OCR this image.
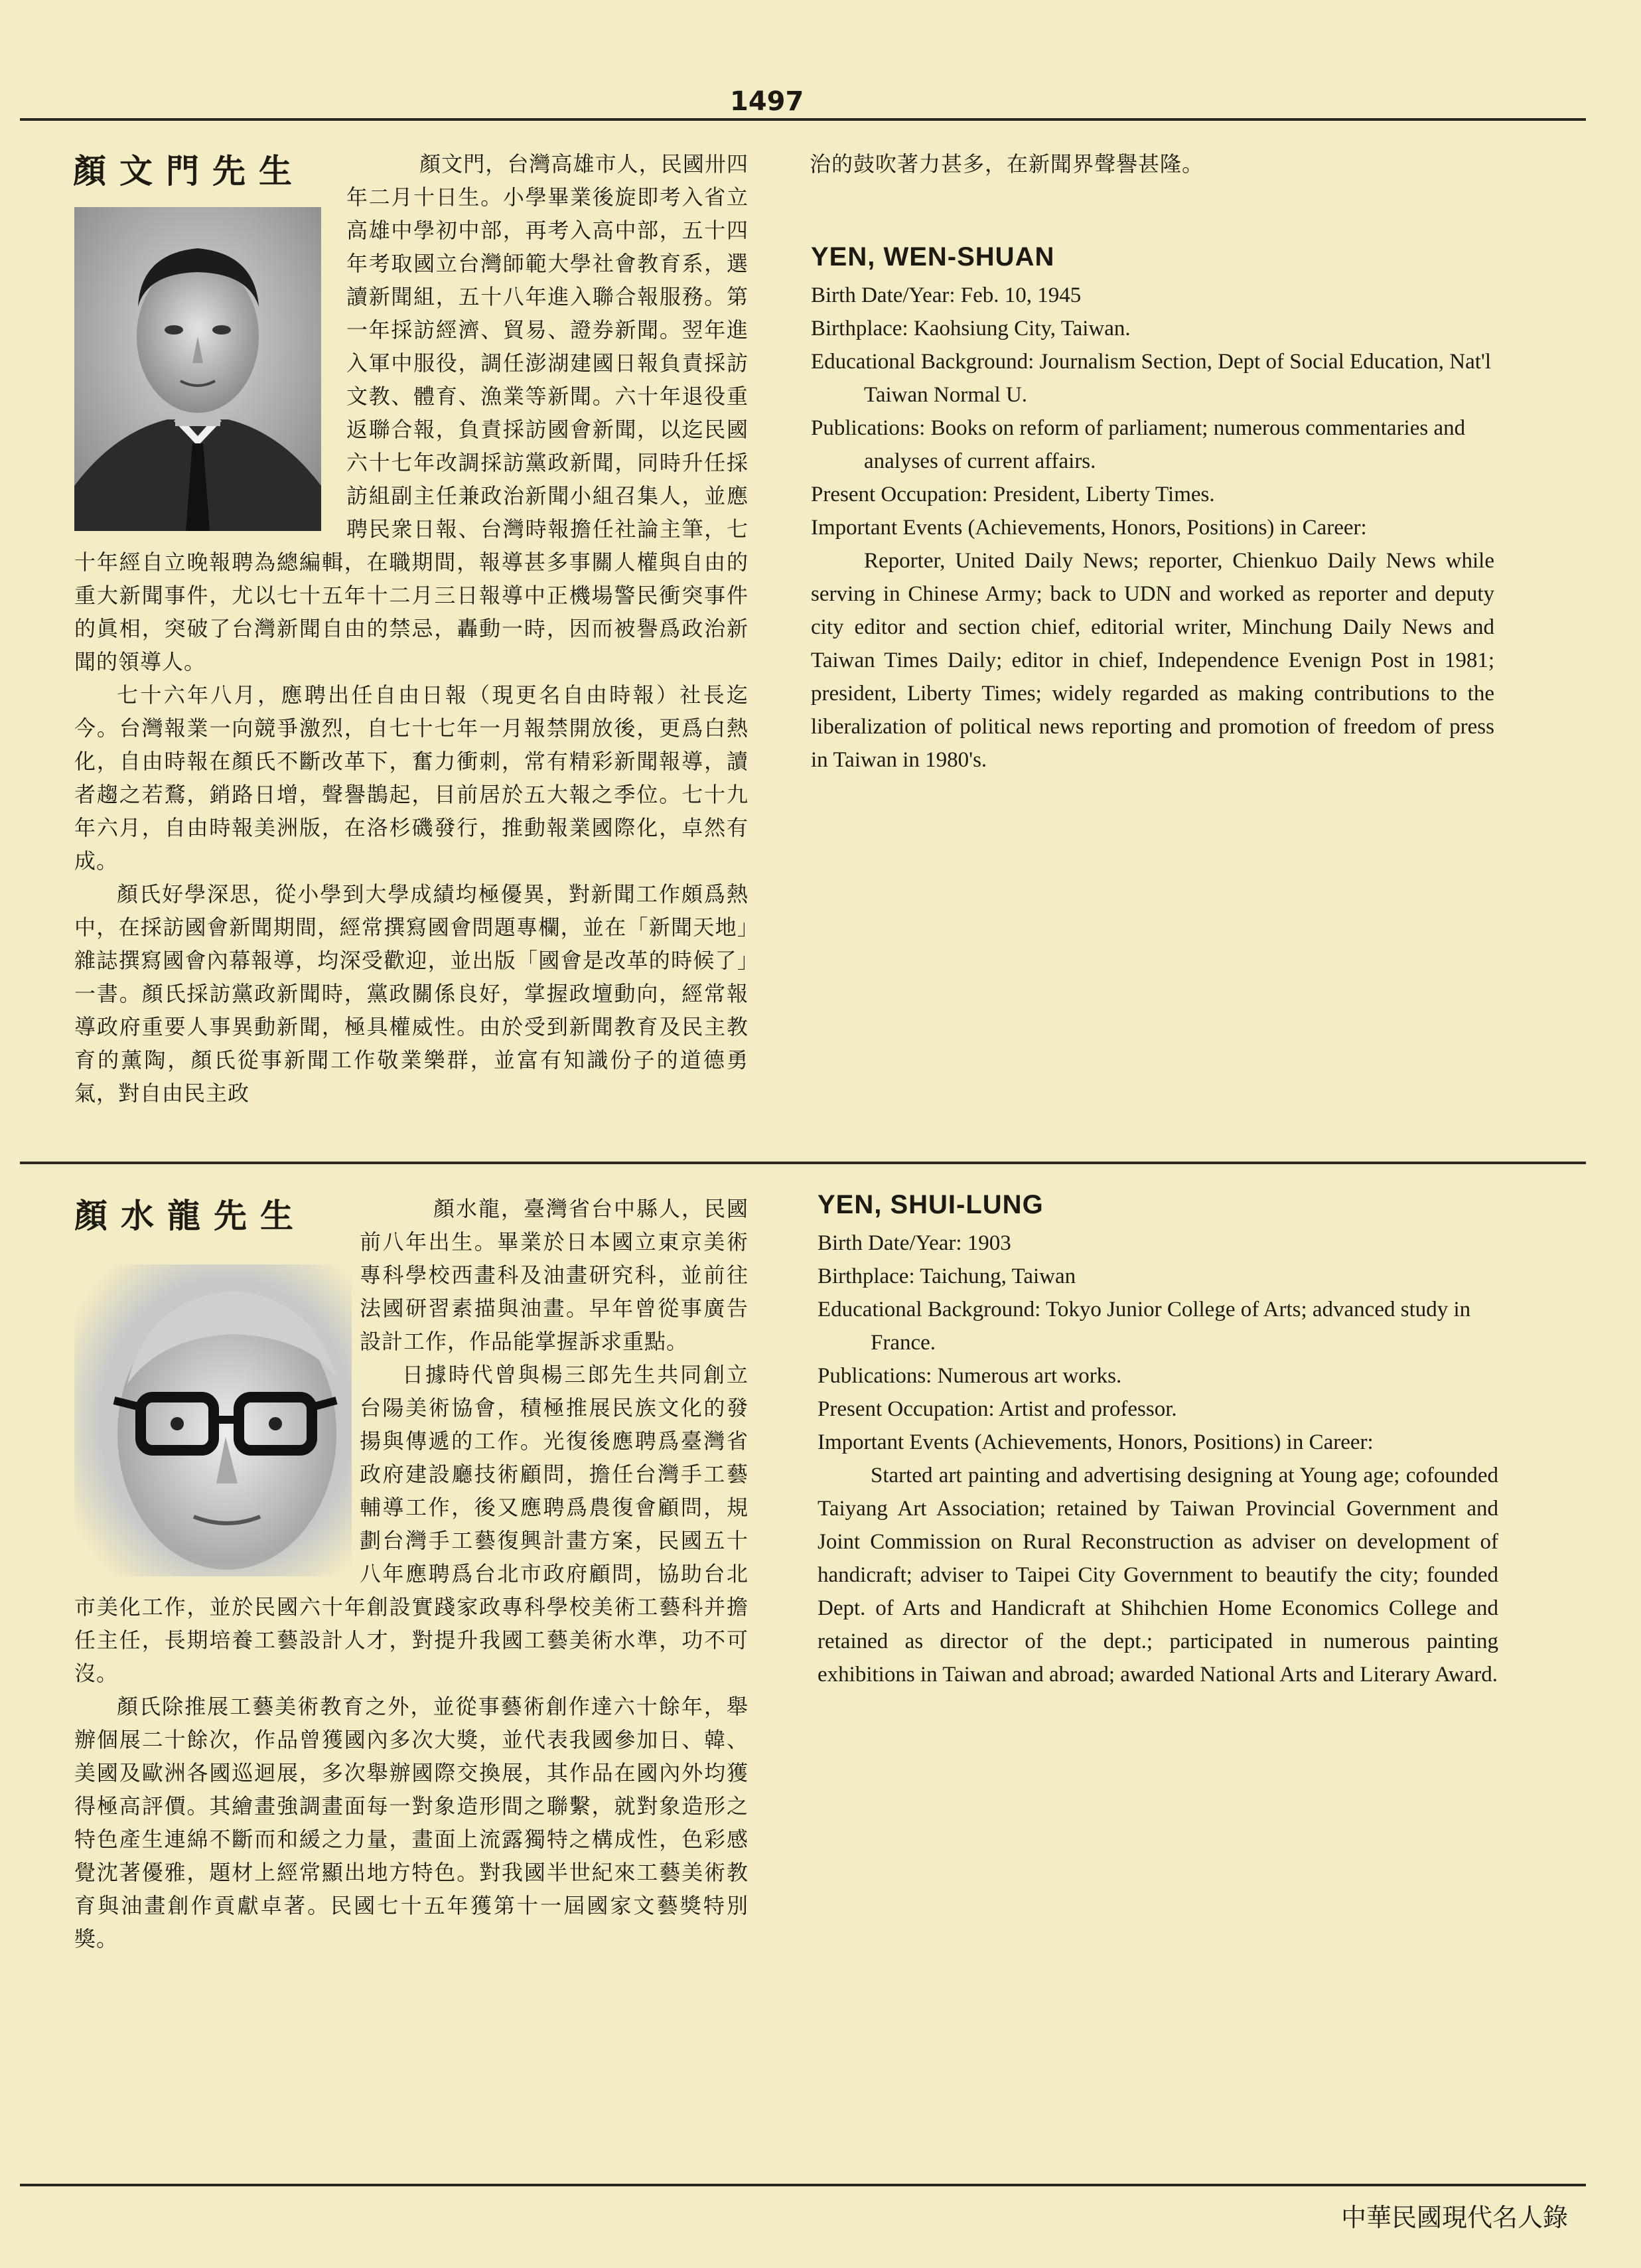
1497
顏文門先生	顏文門，台灣高雄市人，民國卅四年二月十日生。小學畢業後旋即考入省立高雄中學初中部，再考入高中部，五十四年考取國立台灣師範大學社會教育系，選讀新聞組，五十八年進入聯合報服務。第一年採訪經濟、貿易、證券新聞。翌年進入軍中服役，調任澎湖建國日報負責採訪文教、體育、漁業等新聞。六十年退役重返聯合報，負責採訪國會新聞，以迄民國六十七年改調採訪黨政新聞，同時升任採訪組副主任兼政治新聞小組召集人，並應聘民衆日報、台灣時報擔任社論主筆，七十年經自立晚報聘為總編輯，在職期間，報導甚多事關人權與自由的重大新聞事件，尤以七十五年十二月三日報導中正機場警民衝突事件的眞相，突破了台灣新聞自由的禁忌，轟動一時，因而被譽爲政治新聞的領導人。

七十六年八月，應聘出任自由日報（現更名自由時報）社長迄今。台灣報業一向競爭激烈，自七十七年一月報禁開放後，更爲白熱化，自由時報在顏氏不斷改革下，奮力衝刺，常有精彩新聞報導，讀者趨之若鶩，銷路日增，聲譽鵲起，目前居於五大報之季位。七十九年六月，自由時報美洲版，在洛杉磯發行，推動報業國際化，卓然有成。

顏氏好學深思，從小學到大學成績均極優異，對新聞工作頗爲熱中，在採訪國會新聞期間，經常撰寫國會問題專欄，並在「新聞天地」雜誌撰寫國會內幕報導，均深受歡迎，並出版「國會是改革的時候了」一書。顏氏採訪黨政新聞時，黨政關係良好，掌握政壇動向，經常報導政府重要人事異動新聞，極具權威性。由於受到新聞教育及民主教育的薰陶，顏氏從事新聞工作敬業樂群，並富有知識份子的道德勇氣，對自由民主政

治的鼓吹著力甚多，在新聞界聲譽甚隆。
YEN, WEN-SHUAN
Birth Date/Year: Feb. 10, 1945
Birthplace: Kaohsiung City, Taiwan.
Educational Background: Journalism Section, Dept of Social Education, Nat'l Taiwan Normal U.
Publications: Books on reform of parliament; numerous commentaries and analyses of current affairs.
Present Occupation: President, Liberty Times.
Important Events (Achievements, Honors, Positions) in Career:
Reporter, United Daily News; reporter, Chienkuo Daily News while serving in Chinese Army; back to UDN and worked as reporter and deputy city editor and section chief, editorial writer, Minchung Daily News and Taiwan Times Daily; editor in chief, Independence Evenign Post in 1981; president, Liberty Times; widely regarded as making contributions to the liberalization of political news reporting and promotion of freedom of press in Taiwan in 1980's.
顏水龍先生	顏水龍，臺灣省台中縣人，民國前八年出生。畢業於日本國立東京美術專科學校西畫科及油畫研究科，並前往法國研習素描與油畫。早年曾從事廣告設計工作，作品能掌握訴求重點。

日據時代曾與楊三郎先生共同創立台陽美術協會，積極推展民族文化的發揚與傳遞的工作。光復後應聘爲臺灣省政府建設廳技術顧問，擔任台灣手工藝輔導工作，後又應聘爲農復會顧問，規劃台灣手工藝復興計畫方案，民國五十八年應聘爲台北市政府顧問，協助台北市美化工作，並於民國六十年創設實踐家政專科學校美術工藝科并擔任主任，長期培養工藝設計人才，對提升我國工藝美術水準，功不可沒。

顏氏除推展工藝美術教育之外，並從事藝術創作達六十餘年，舉辦個展二十餘次，作品曾獲國內多次大獎，並代表我國參加日、韓、美國及歐洲各國巡迴展，多次舉辦國際交換展，其作品在國內外均獲得極高評價。其繪畫強調畫面每一對象造形間之聯繫，就對象造形之特色產生連綿不斷而和緩之力量，畫面上流露獨特之構成性，色彩感覺沈著優雅，題材上經常顯出地方特色。對我國半世紀來工藝美術教育與油畫創作貢獻卓著。民國七十五年獲第十一屆國家文藝獎特別獎。

YEN, SHUI-LUNG
Birth Date/Year: 1903
Birthplace: Taichung, Taiwan
Educational Background: Tokyo Junior College of Arts; advanced study in France.
Publications: Numerous art works.
Present Occupation: Artist and professor.
Important Events (Achievements, Honors, Positions) in Career:
Started art painting and advertising designing at Young age; cofounded Taiyang Art Association; retained by Taiwan Provincial Government and Joint Commission on Rural Reconstruction as adviser on development of handicraft; adviser to Taipei City Government to beautify the city; founded Dept. of Arts and Handicraft at Shihchien Home Economics College and retained as director of the dept.; participated in numerous painting exhibitions in Taiwan and abroad; awarded National Arts and Literary Award.
中華民國現代名人錄
